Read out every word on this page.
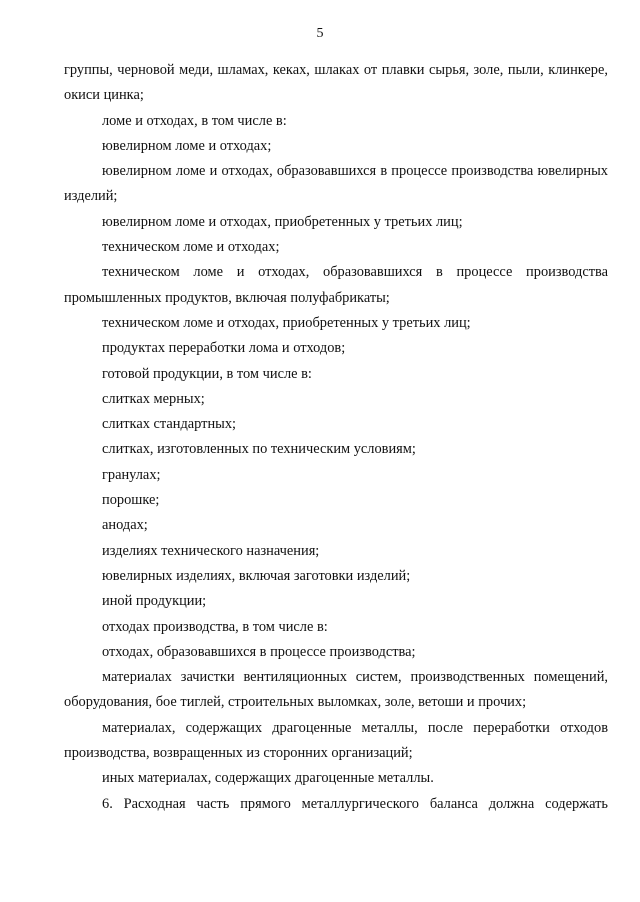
5

группы, черновой меди, шламах, кеках, шлаках от плавки сырья, золе, пыли, клинкере, окиси цинка;

ломе и отходах, в том числе в:

ювелирном ломе и отходах;

ювелирном ломе и отходах, образовавшихся в процессе производства ювелирных изделий;

ювелирном ломе и отходах, приобретенных у третьих лиц;

техническом ломе и отходах;

техническом ломе и отходах, образовавшихся в процессе производства промышленных продуктов, включая полуфабрикаты;

техническом ломе и отходах, приобретенных у третьих лиц;

продуктах переработки лома и отходов;

готовой продукции, в том числе в:

слитках мерных;

слитках стандартных;

слитках, изготовленных по техническим условиям;

гранулах;

порошке;

анодах;

изделиях технического назначения;

ювелирных изделиях, включая заготовки изделий;

иной продукции;

отходах производства, в том числе в:

отходах, образовавшихся в процессе производства;

материалах зачистки вентиляционных систем, производственных помещений, оборудования, бое тиглей, строительных выломках, золе, ветоши и прочих;

материалах, содержащих драгоценные металлы, после переработки отходов производства, возвращенных из сторонних организаций;

иных материалах, содержащих драгоценные металлы.

6. Расходная часть прямого металлургического баланса должна содержать
